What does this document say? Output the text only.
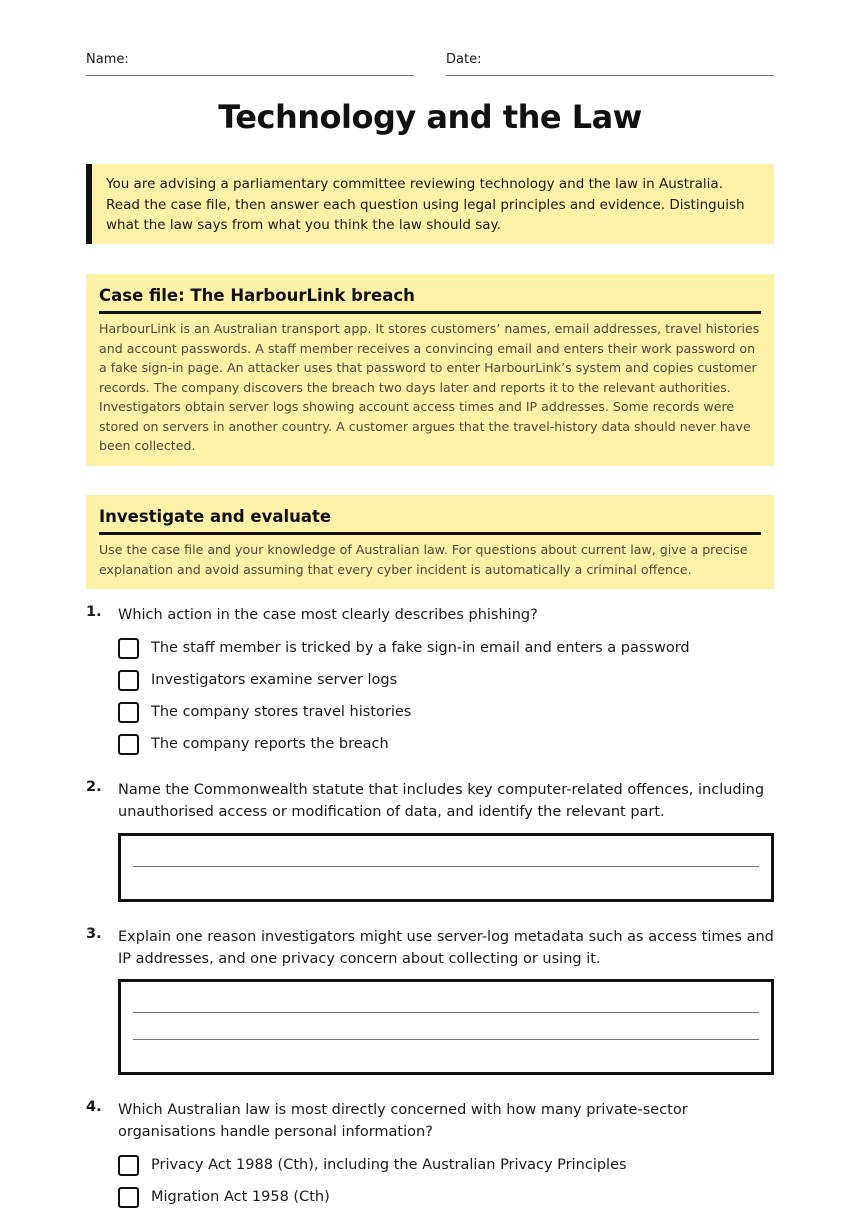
Name:	Date:
Technology and the Law
You are advising a parliamentary committee reviewing technology and the law in Australia. Read the case file, then answer each question using legal principles and evidence. Distinguish what the law says from what you think the law should say.
Case file: The HarbourLink breach
HarbourLink is an Australian transport app. It stores customers’ names, email addresses, travel histories and account passwords. A staff member receives a convincing email and enters their work password on a fake sign-in page. An attacker uses that password to enter HarbourLink’s system and copies customer records. The company discovers the breach two days later and reports it to the relevant authorities. Investigators obtain server logs showing account access times and IP addresses. Some records were stored on servers in another country. A customer argues that the travel-history data should never have been collected.
Investigate and evaluate
Use the case file and your knowledge of Australian law. For questions about current law, give a precise explanation and avoid assuming that every cyber incident is automatically a criminal offence.
1. Which action in the case most clearly describes phishing?
The staff member is tricked by a fake sign-in email and enters a password
Investigators examine server logs
The company stores travel histories
The company reports the breach
2. Name the Commonwealth statute that includes key computer-related offences, including unauthorised access or modification of data, and identify the relevant part.
3. Explain one reason investigators might use server-log metadata such as access times and IP addresses, and one privacy concern about collecting or using it.
4. Which Australian law is most directly concerned with how many private-sector organisations handle personal information?
Privacy Act 1988 (Cth), including the Australian Privacy Principles
Migration Act 1958 (Cth)
